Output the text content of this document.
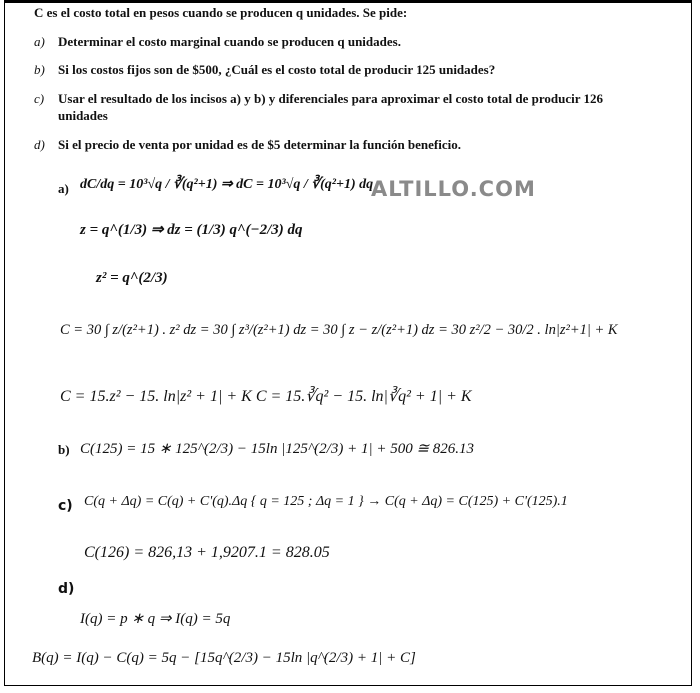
C es el costo total en pesos cuando se producen q unidades. Se pide:
a) Determinar el costo marginal cuando se producen q unidades.
b) Si los costos fijos son de $500, ¿Cuál es el costo total de producir 125 unidades?
c) Usar el resultado de los incisos a) y b) y diferenciales para aproximar el costo total de producir 126
unidades
d) Si el precio de venta por unidad es de $5 determinar la función beneficio.
ALTILLO.COM
a) dC/dq = 10³√q / ∛(q²+1) ⇒ dC = 10³√q / ∛(q²+1) dq
z = q^(1/3) ⇒ dz = (1/3) q^(−2/3) dq
z² = q^(2/3)
C = 30 ∫ z/(z²+1) . z² dz = 30 ∫ z³/(z²+1) dz = 30 ∫ z − z/(z²+1) dz = 30 z²/2 − 30/2 . ln|z²+1| + K
C = 15.z² − 15. ln|z² + 1| + K C = 15.∛q² − 15. ln|∛q² + 1| + K
b) C(125) = 15 ∗ 125^(2/3) − 15ln |125^(2/3) + 1| + 500 ≅ 826.13
c) C(q + Δq) = C(q) + C'(q).Δq { q = 125 ; Δq = 1 } → C(q + Δq) = C(125) + C'(125).1
C(126) = 826,13 + 1,9207.1 = 828.05
d)
I(q) = p ∗ q ⇒ I(q) = 5q
B(q) = I(q) − C(q) = 5q − [15q^(2/3) − 15ln |q^(2/3) + 1| + C]
